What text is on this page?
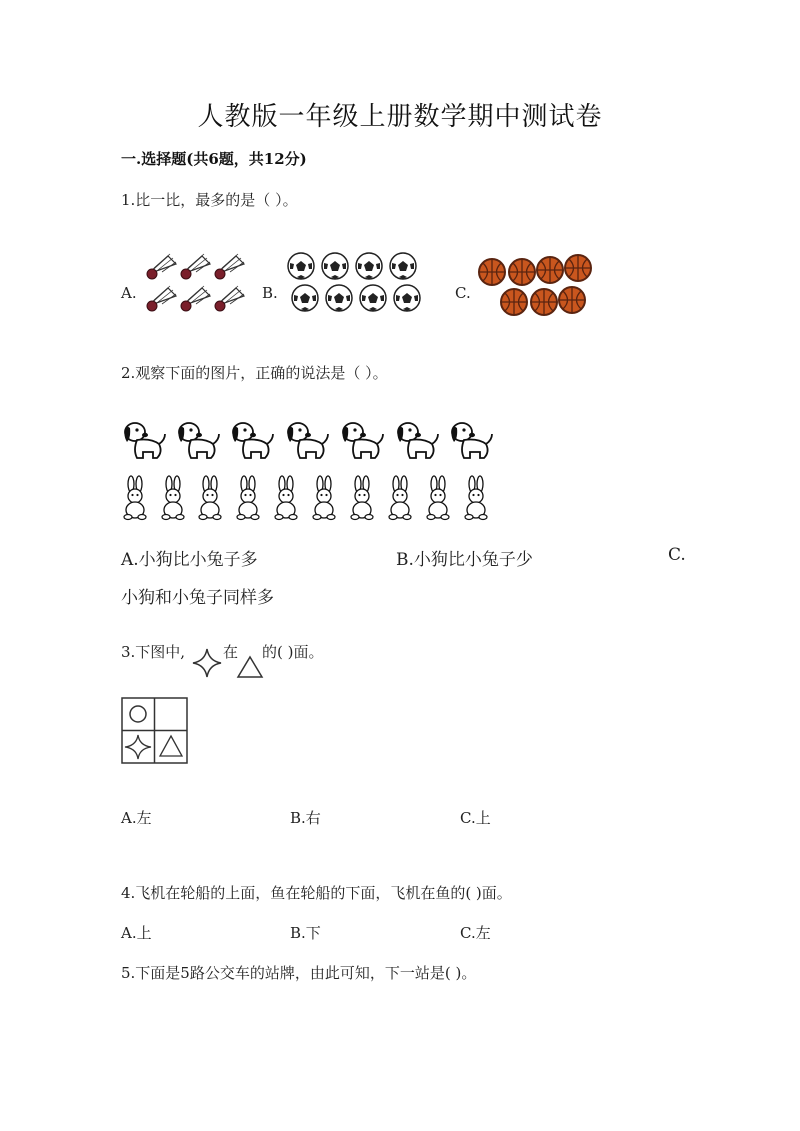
人教版一年级上册数学期中测试卷
一.选择题(共6题，共12分)
1.比一比，最多的是（ ）。
A.	B.	C.
2.观察下面的图片，正确的说法是（ ）。
A.小狗比小兔子多	B.小狗比小兔子少	C.
小狗和小兔子同样多
3.下图中,	在 的( )面。
A.左	B.右	C.上
4.飞机在轮船的上面，鱼在轮船的下面，飞机在鱼的( )面。
A.上	B.下	C.左
5.下面是5路公交车的站牌，由此可知，下一站是( )。
